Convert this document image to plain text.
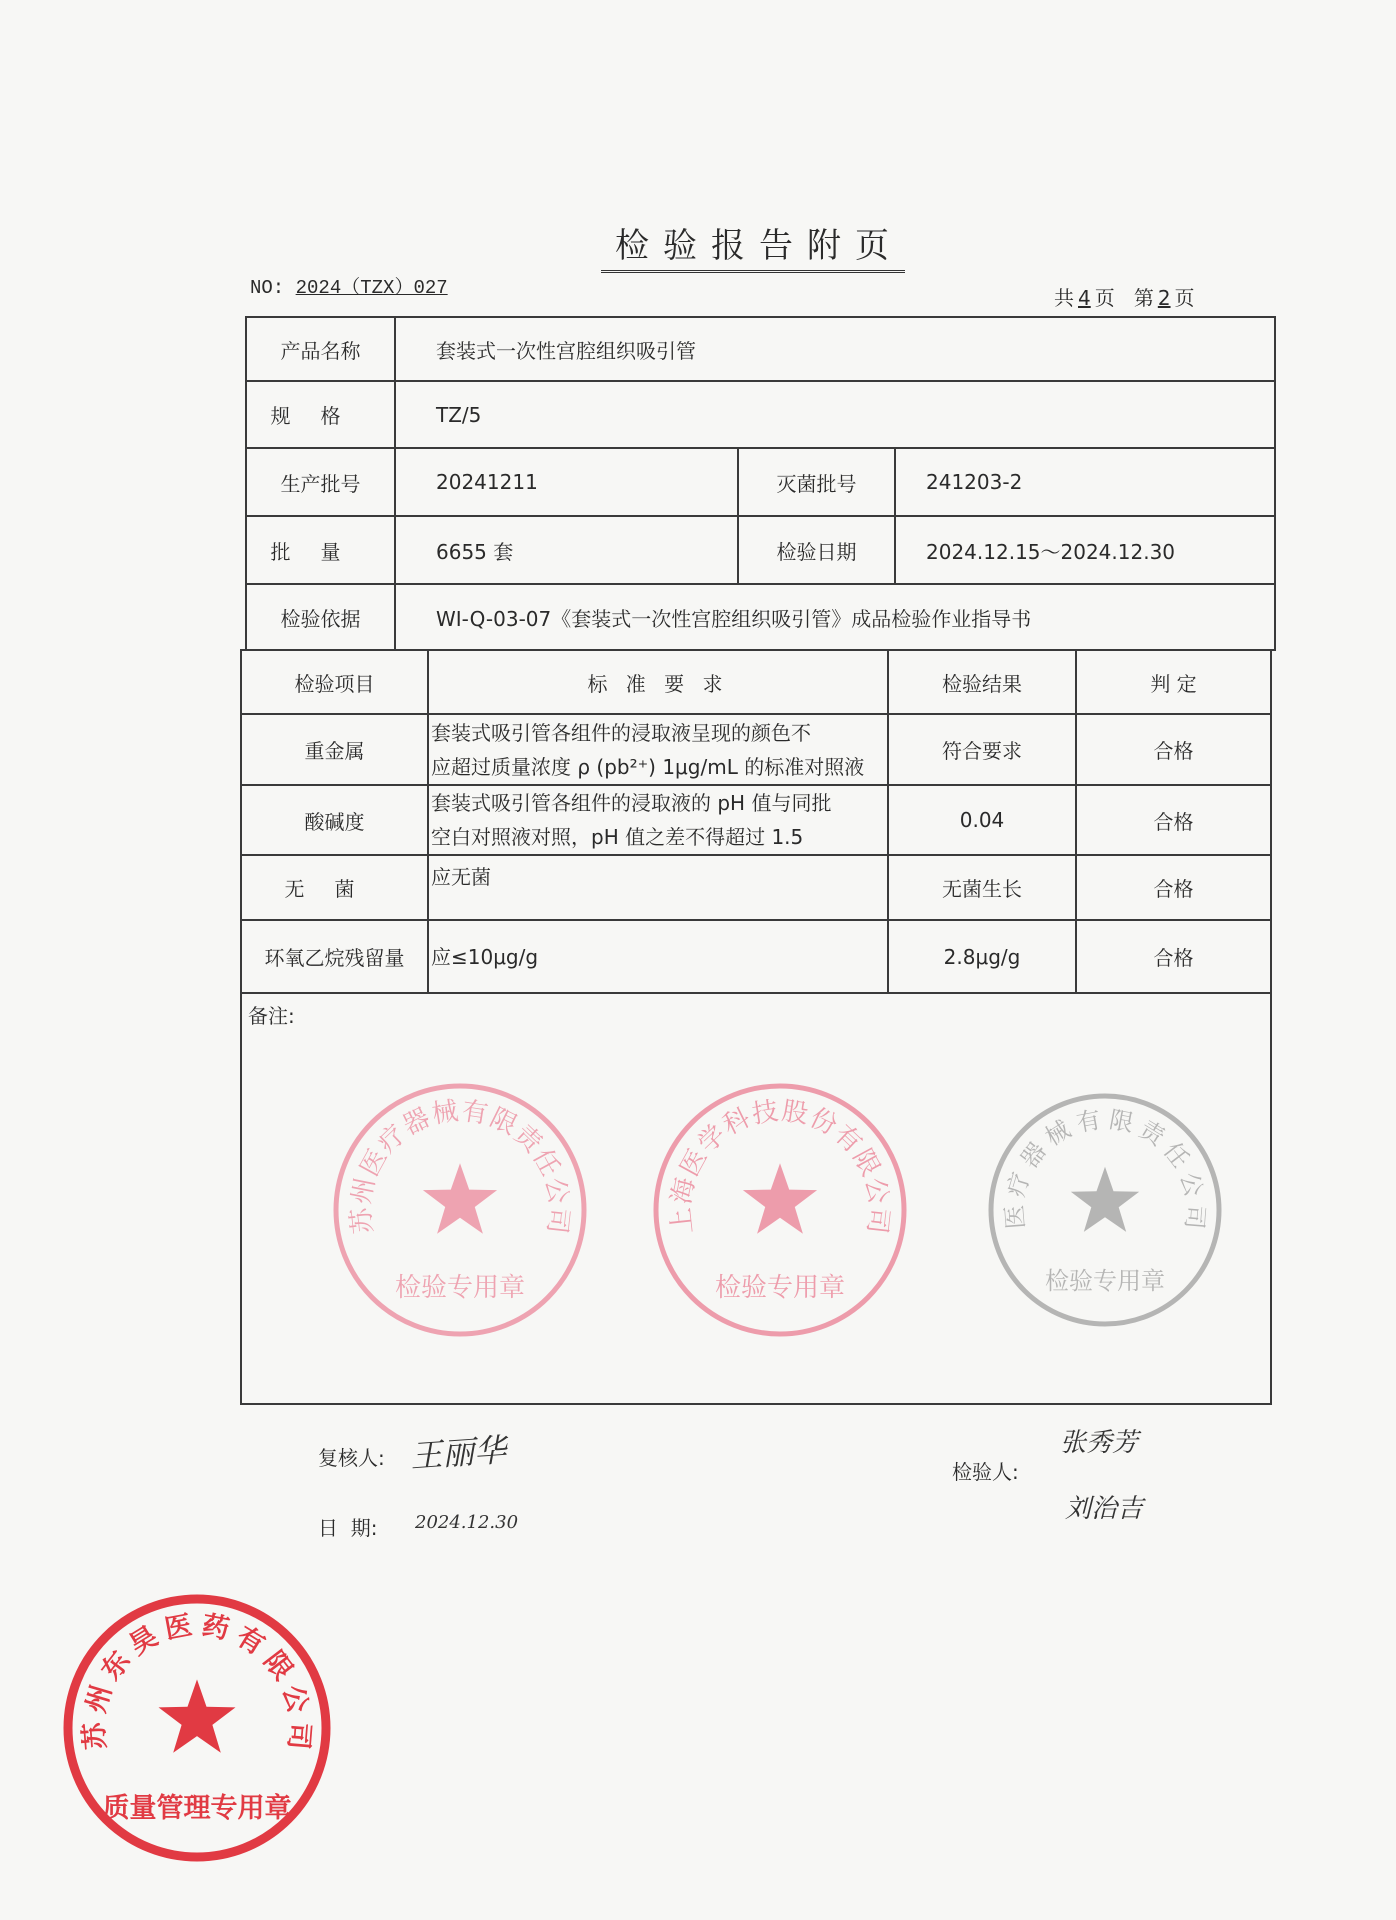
检验报告附页
NO: 2024（TZX）027	共 4 页 第 2 页
产品名称	套装式一次性宫腔组织吸引管		
规格	TZ/5		
生产批号	20241211	灭菌批号	241203-2
批量	6655 套	检验日期	2024.12.15～2024.12.30
检验依据	WI-Q-03-07《套装式一次性宫腔组织吸引管》成品检验作业指导书		
检验项目	标 准 要 求	检验结果	判 定
重金属	套装式吸引管各组件的浸取液呈现的颜色不
应超过质量浓度 ρ (pb²⁺) 1μg/mL 的标准对照液	符合要求	合格
酸碱度	套装式吸引管各组件的浸取液的 pH 值与同批
空白对照液对照，pH 值之差不得超过 1.5	0.04	合格
无菌	应无菌	无菌生长	合格
环氧乙烷残留量	应≤10μg/g	2.8μg/g	合格
备注:			
复核人: 王丽华
日  期: 2024.12.30
检验人:
张秀芳
刘治吉
苏
州
医
疗
器
械 有
限
责
任
公
司
检验专用章
上
海
医
学
科
技 股
份
有
限
公
司
检验专用章
医
疗
器
械
有 限
责
任
公
司
检验专用章
苏
州
东
昊
医 药
有
限
公
司
质量管理专用章
